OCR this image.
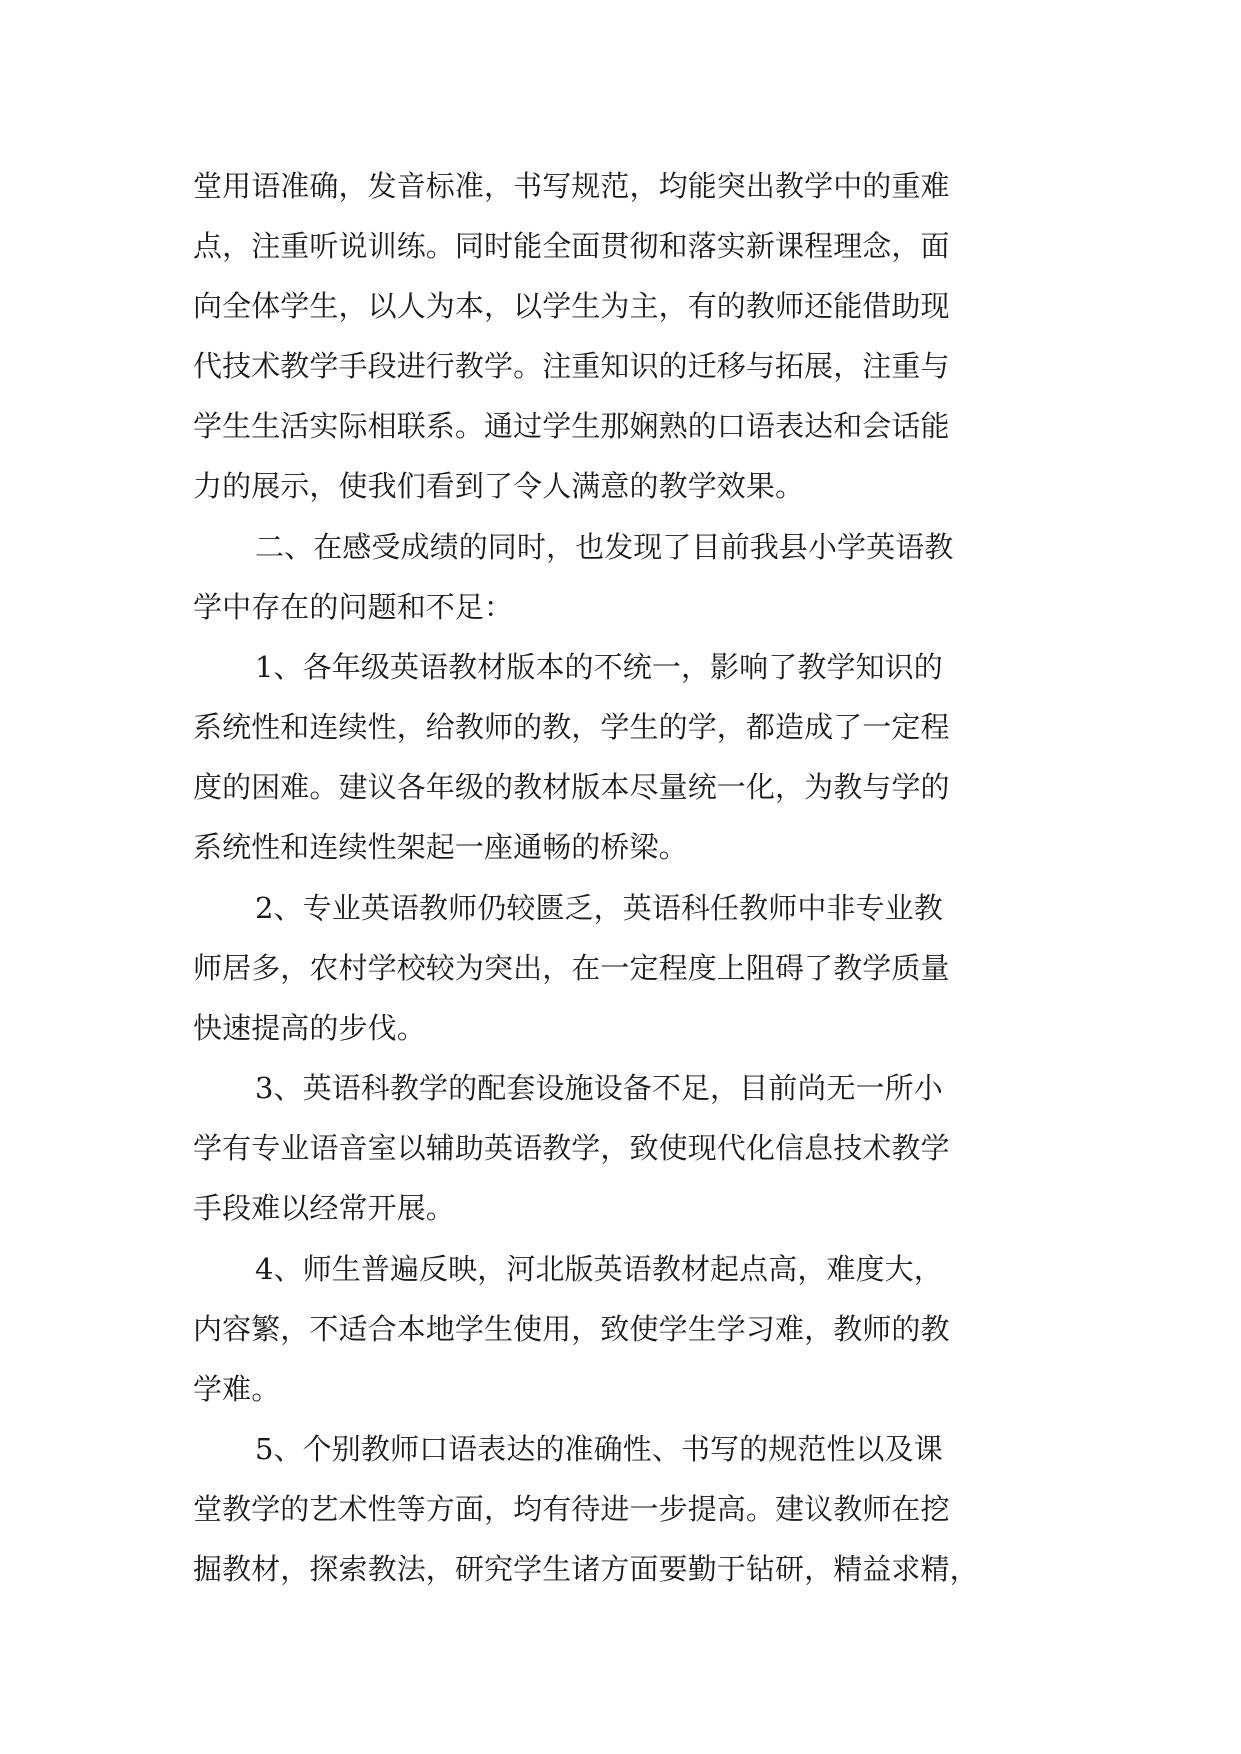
堂用语准确，发音标准，书写规范，均能突出教学中的重难
点，注重听说训练。同时能全面贯彻和落实新课程理念，面
向全体学生，以人为本，以学生为主，有的教师还能借助现
代技术教学手段进行教学。注重知识的迁移与拓展，注重与
学生生活实际相联系。通过学生那娴熟的口语表达和会话能
力的展示，使我们看到了令人满意的教学效果。
二、在感受成绩的同时，也发现了目前我县小学英语教
学中存在的问题和不足：
1、各年级英语教材版本的不统一，影响了教学知识的
系统性和连续性，给教师的教，学生的学，都造成了一定程
度的困难。建议各年级的教材版本尽量统一化，为教与学的
系统性和连续性架起一座通畅的桥梁。
2、专业英语教师仍较匮乏，英语科任教师中非专业教
师居多，农村学校较为突出，在一定程度上阻碍了教学质量
快速提高的步伐。
3、英语科教学的配套设施设备不足，目前尚无一所小
学有专业语音室以辅助英语教学，致使现代化信息技术教学
手段难以经常开展。
4、师生普遍反映，河北版英语教材起点高，难度大，
内容繁，不适合本地学生使用，致使学生学习难，教师的教
学难。
5、个别教师口语表达的准确性、书写的规范性以及课
堂教学的艺术性等方面，均有待进一步提高。建议教师在挖
掘教材，探索教法，研究学生诸方面要勤于钻研，精益求精，
